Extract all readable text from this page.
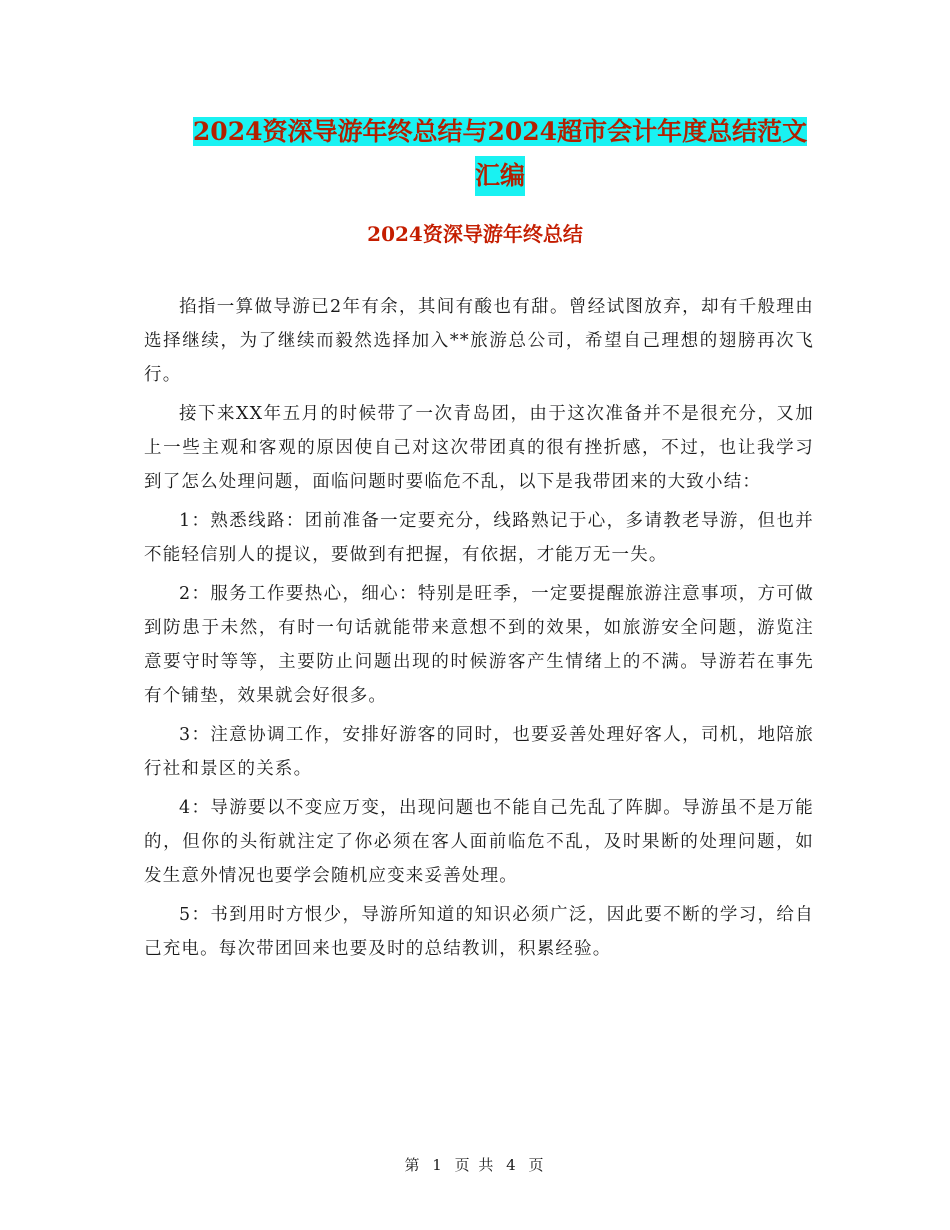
2024资深导游年终总结与2024超市会计年度总结范文
汇编
2024资深导游年终总结

掐指一算做导游已2年有余，其间有酸也有甜。曾经试图放弃，却有千般理由选择继续，为了继续而毅然选择加入**旅游总公司，希望自己理想的翅膀再次飞行。

接下来XX年五月的时候带了一次青岛团，由于这次准备并不是很充分，又加上一些主观和客观的原因使自己对这次带团真的很有挫折感，不过，也让我学习到了怎么处理问题，面临问题时要临危不乱，以下是我带团来的大致小结：

1：熟悉线路：团前准备一定要充分，线路熟记于心，多请教老导游，但也并不能轻信别人的提议，要做到有把握，有依据，才能万无一失。

2：服务工作要热心，细心：特别是旺季，一定要提醒旅游注意事项，方可做到防患于未然，有时一句话就能带来意想不到的效果，如旅游安全问题，游览注意要守时等等，主要防止问题出现的时候游客产生情绪上的不满。导游若在事先有个铺垫，效果就会好很多。

3：注意协调工作，安排好游客的同时，也要妥善处理好客人，司机，地陪旅行社和景区的关系。

4：导游要以不变应万变，出现问题也不能自己先乱了阵脚。导游虽不是万能的，但你的头衔就注定了你必须在客人面前临危不乱，及时果断的处理问题，如发生意外情况也要学会随机应变来妥善处理。

5：书到用时方恨少，导游所知道的知识必须广泛，因此要不断的学习，给自己充电。每次带团回来也要及时的总结教训，积累经验。

第 1 页 共 4 页
